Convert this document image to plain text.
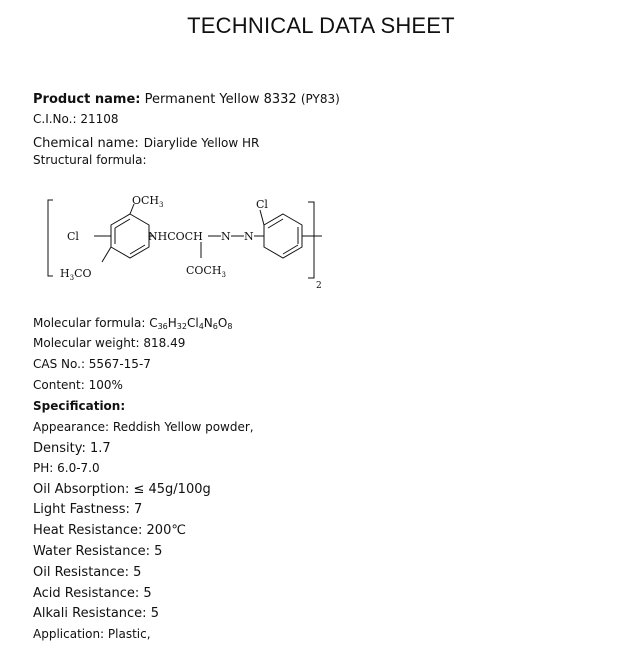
TECHNICAL DATA SHEET
Product name: Permanent Yellow 8332 (PY83)
C.I.No.: 21108
Chemical name: Diarylide Yellow HR
Structural formula:
2
$OCH_3$
Cl
$H_3CO$
NHCOCH N N
$COCH_3$
Cl
Molecular formula: $C_{36}H_{32}Cl_4N_6O_8$
Molecular weight: 818.49
CAS No.: 5567-15-7
Content: 100%
Specification:
Appearance: Reddish Yellow powder,
Density: 1.7
PH: 6.0-7.0
Oil Absorption: ≤ 45g/100g
Light Fastness: 7
Heat Resistance: 200℃
Water Resistance: 5
Oil Resistance: 5
Acid Resistance: 5
Alkali Resistance: 5
Application: Plastic,
